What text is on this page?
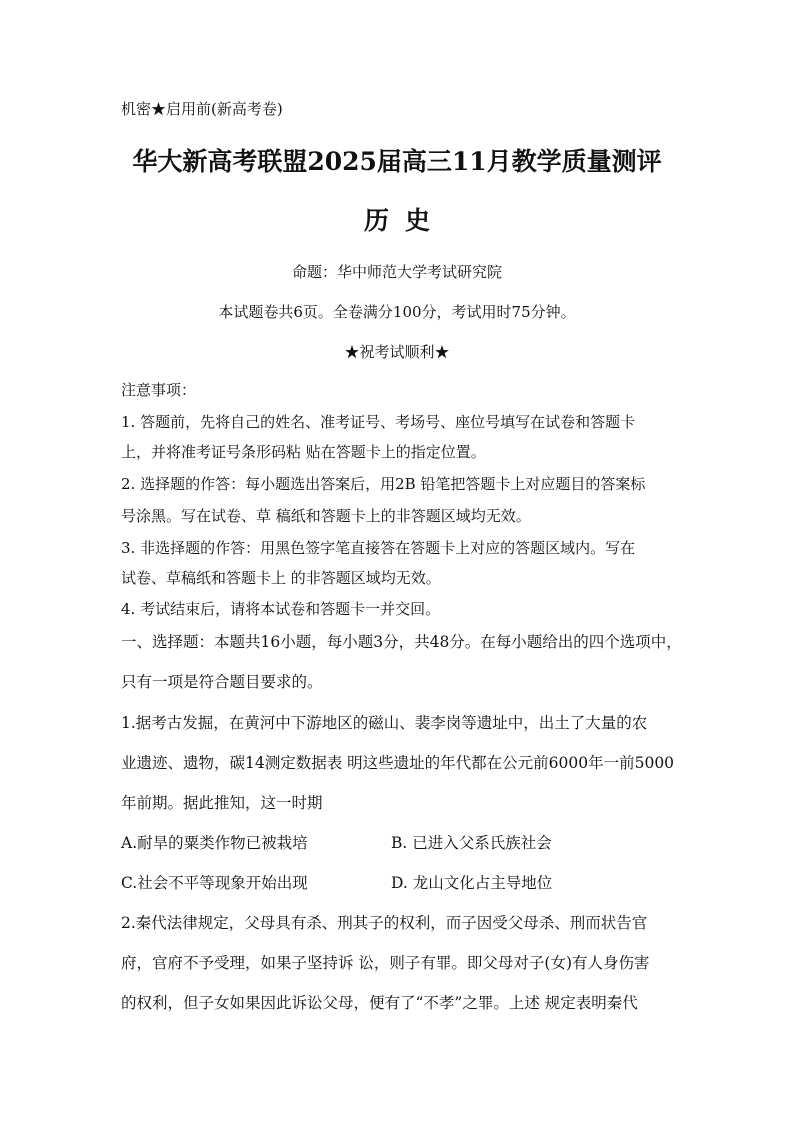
机密★启用前(新高考卷)
华大新高考联盟2025届高三11月教学质量测评
历史
命题：华中师范大学考试研究院
本试题卷共6页。全卷满分100分，考试用时75分钟。
★祝考试顺利★
注意事项：
1. 答题前，先将自己的姓名、准考证号、考场号、座位号填写在试卷和答题卡
上，并将准考证号条形码粘 贴在答题卡上的指定位置。
2. 选择题的作答：每小题选出答案后，用2B 铅笔把答题卡上对应题目的答案标
号涂黑。写在试卷、草 稿纸和答题卡上的非答题区域均无效。
3. 非选择题的作答：用黑色签字笔直接答在答题卡上对应的答题区域内。写在
试卷、草稿纸和答题卡上 的非答题区域均无效。
4. 考试结束后，请将本试卷和答题卡一并交回。
一、选择题：本题共16小题，每小题3分，共48分。在每小题给出的四个选项中，
只有一项是符合题目要求的。
1.据考古发掘，在黄河中下游地区的磁山、裴李岗等遗址中，出土了大量的农
业遗迹、遗物，碳14测定数据表 明这些遗址的年代都在公元前6000年一前5000
年前期。据此推知，这一时期
A.耐旱的粟类作物已被栽培	B. 已进入父系氏族社会
C.社会不平等现象开始出现	D. 龙山文化占主导地位
2.秦代法律规定，父母具有杀、刑其子的权利，而子因受父母杀、刑而状告官
府，官府不予受理，如果子坚持诉 讼，则子有罪。即父母对子(女)有人身伤害
的权利，但子女如果因此诉讼父母，便有了“不孝”之罪。上述 规定表明秦代
